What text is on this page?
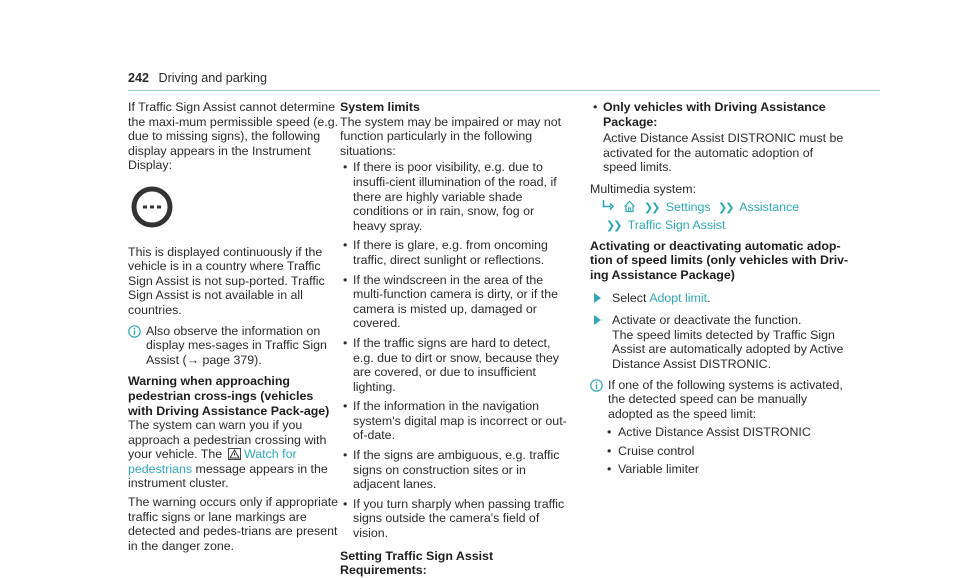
242 Driving and parking

If Traffic Sign Assist cannot determine the maxi-mum permissible speed (e.g. due to missing signs), the following display appears in the Instrument Display:

This is displayed continuously if the vehicle is in a country where Traffic Sign Assist is not sup-ported. Traffic Sign Assist is not available in all countries.

Also observe the information on display mes-sages in Traffic Sign Assist (→ page 379).

Warning when approaching pedestrian cross-ings (vehicles with Driving Assistance Pack-age)

The system can warn you if you approach a pedestrian crossing with your vehicle. The Watch for pedestrians message appears in the instrument cluster.

The warning occurs only if appropriate traffic signs or lane markings are detected and pedes-trians are present in the danger zone.

System limits

The system may be impaired or may not function particularly in the following situations:

• If there is poor visibility, e.g. due to insuffi-cient illumination of the road, if there are highly variable shade conditions or in rain, snow, fog or heavy spray.
• If there is glare, e.g. from oncoming traffic, direct sunlight or reflections.
• If the windscreen in the area of the multi-function camera is dirty, or if the camera is misted up, damaged or covered.
• If the traffic signs are hard to detect, e.g. due to dirt or snow, because they are covered, or due to insufficient lighting.
• If the information in the navigation system's digital map is incorrect or out-of-date.
• If the signs are ambiguous, e.g. traffic signs on construction sites or in adjacent lanes.
• If you turn sharply when passing traffic signs outside the camera's field of vision.

Setting Traffic Sign Assist

Requirements:

• Only vehicles with Driving Assistance Package:

Active Distance Assist DISTRONIC must be activated for the automatic adoption of speed limits.

Multimedia system:

❯❯ Settings ❯❯ Assistance

❯❯ Traffic Sign Assist

Activating or deactivating automatic adop-tion of speed limits (only vehicles with Driv-ing Assistance Package)

Select Adopt limit.
Activate or deactivate the function.
The speed limits detected by Traffic Sign Assist are automatically adopted by Active Distance Assist DISTRONIC.
If one of the following systems is activated, the detected speed can be manually adopted as the speed limit:
• Active Distance Assist DISTRONIC
• Cruise control
• Variable limiter
